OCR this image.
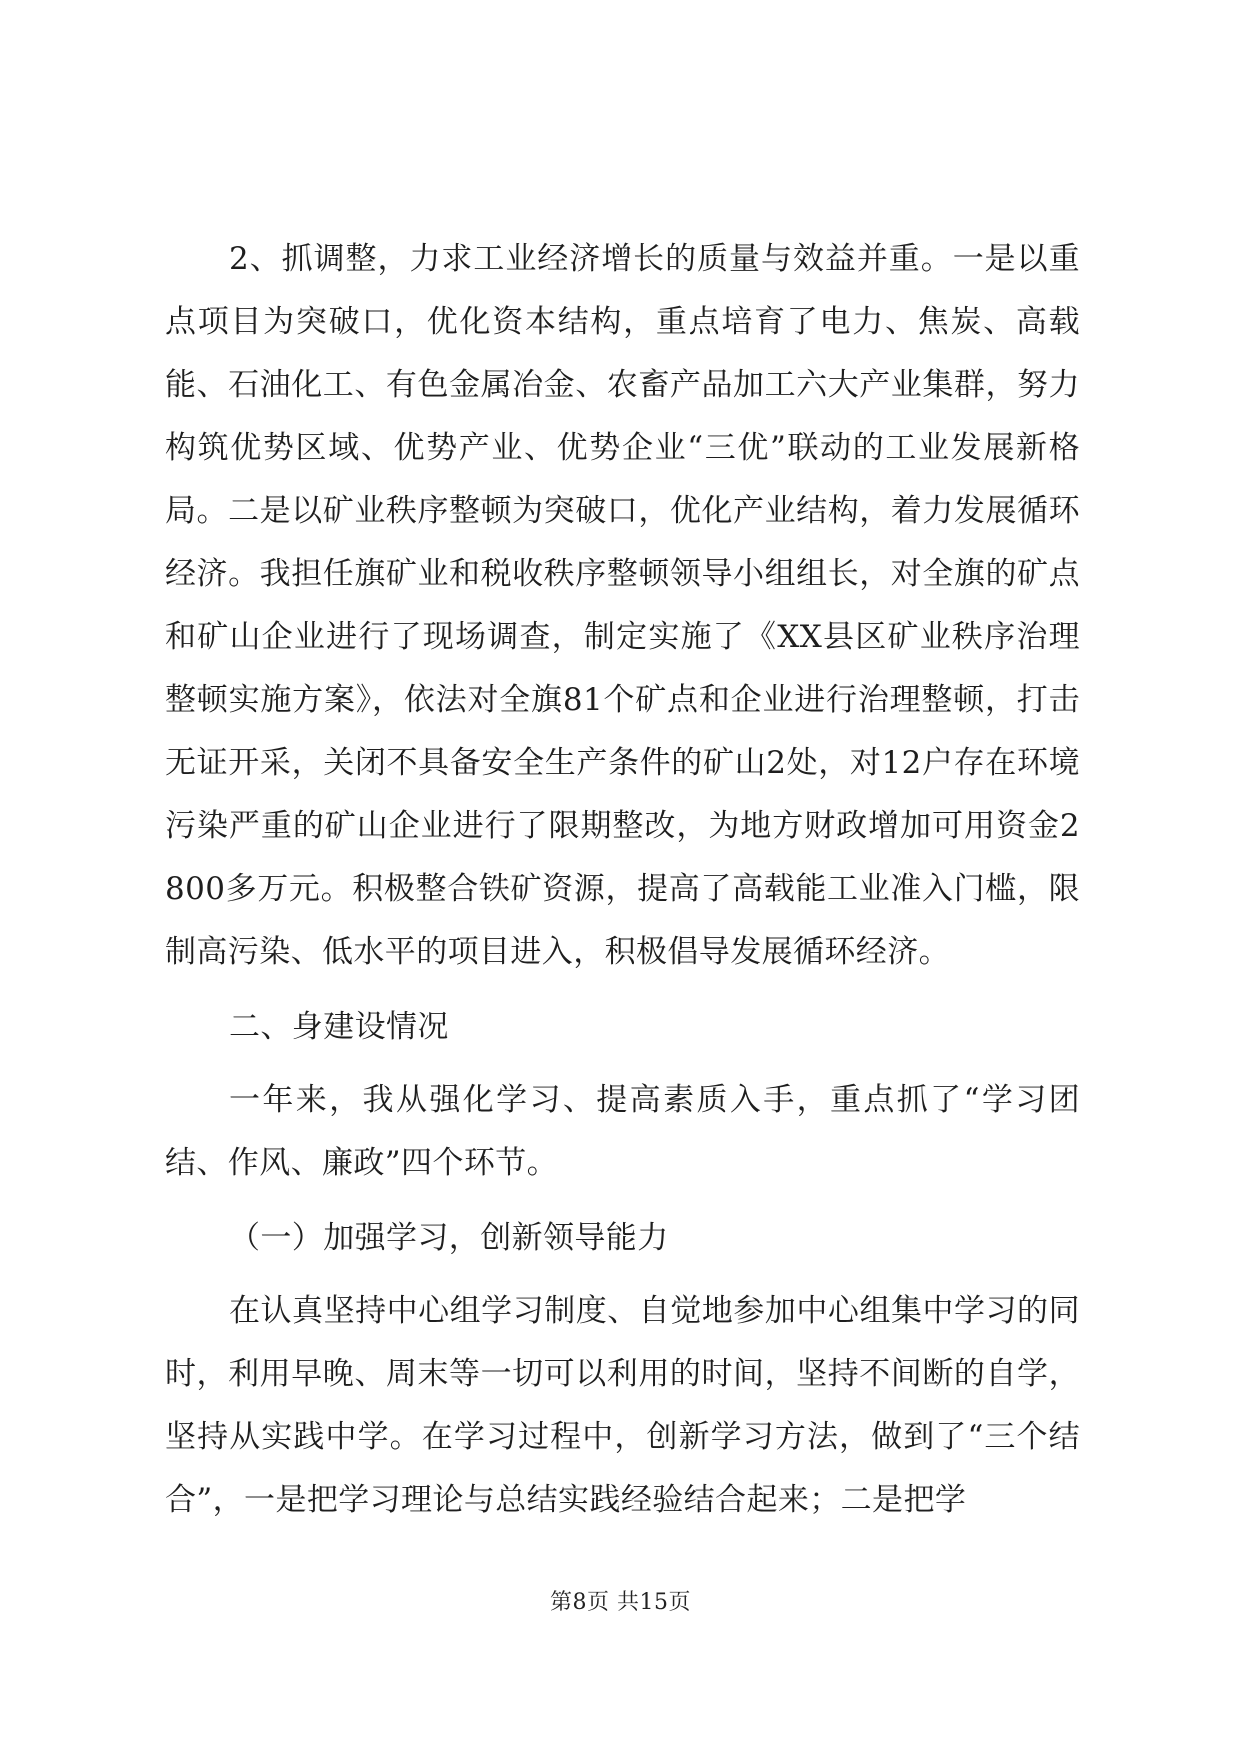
2、抓调整，力求工业经济增长的质量与效益并重。一是以重点项目为突破口，优化资本结构，重点培育了电力、焦炭、高载能、石油化工、有色金属冶金、农畜产品加工六大产业集群，努力构筑优势区域、优势产业、优势企业“三优”联动的工业发展新格局。二是以矿业秩序整顿为突破口，优化产业结构，着力发展循环经济。我担任旗矿业和税收秩序整顿领导小组组长，对全旗的矿点和矿山企业进行了现场调查，制定实施了《XX县区矿业秩序治理整顿实施方案》，依法对全旗81个矿点和企业进行治理整顿，打击无证开采，关闭不具备安全生产条件的矿山2处，对12户存在环境污染严重的矿山企业进行了限期整改，为地方财政增加可用资金2800多万元。积极整合铁矿资源，提高了高载能工业准入门槛，限制高污染、低水平的项目进入，积极倡导发展循环经济。

二、身建设情况

一年来，我从强化学习、提高素质入手，重点抓了“学习团结、作风、廉政”四个环节。

（一）加强学习，创新领导能力

在认真坚持中心组学习制度、自觉地参加中心组集中学习的同时，利用早晚、周末等一切可以利用的时间，坚持不间断的自学，坚持从实践中学。在学习过程中，创新学习方法，做到了“三个结合”，一是把学习理论与总结实践经验结合起来；二是把学

第8页 共15页
